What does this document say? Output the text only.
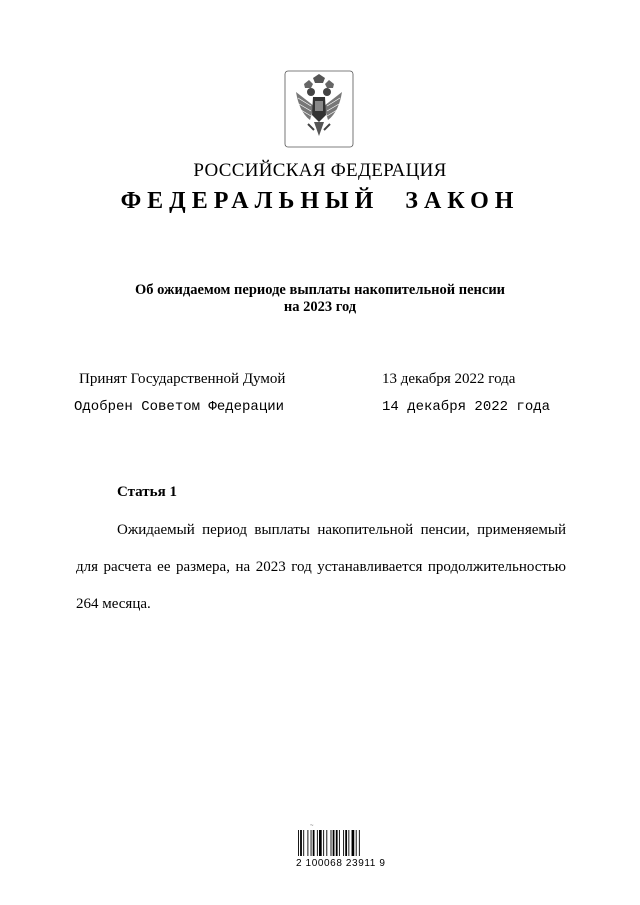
РОССИЙСКАЯ ФЕДЕРАЦИЯ
ФЕДЕРАЛЬНЫЙ ЗАКОН
Об ожидаемом периоде выплаты накопительной пенсии
на 2023 год
Принят Государственной Думой	13 декабря 2022 года
Одобрен Советом Федерации	14 декабря 2022 года
Статья 1
Ожидаемый период выплаты накопительной пенсии, применяемый для расчета ее размера, на 2023 год устанавливается продолжительностью 264 месяца.
~
2 100068 23911 9
